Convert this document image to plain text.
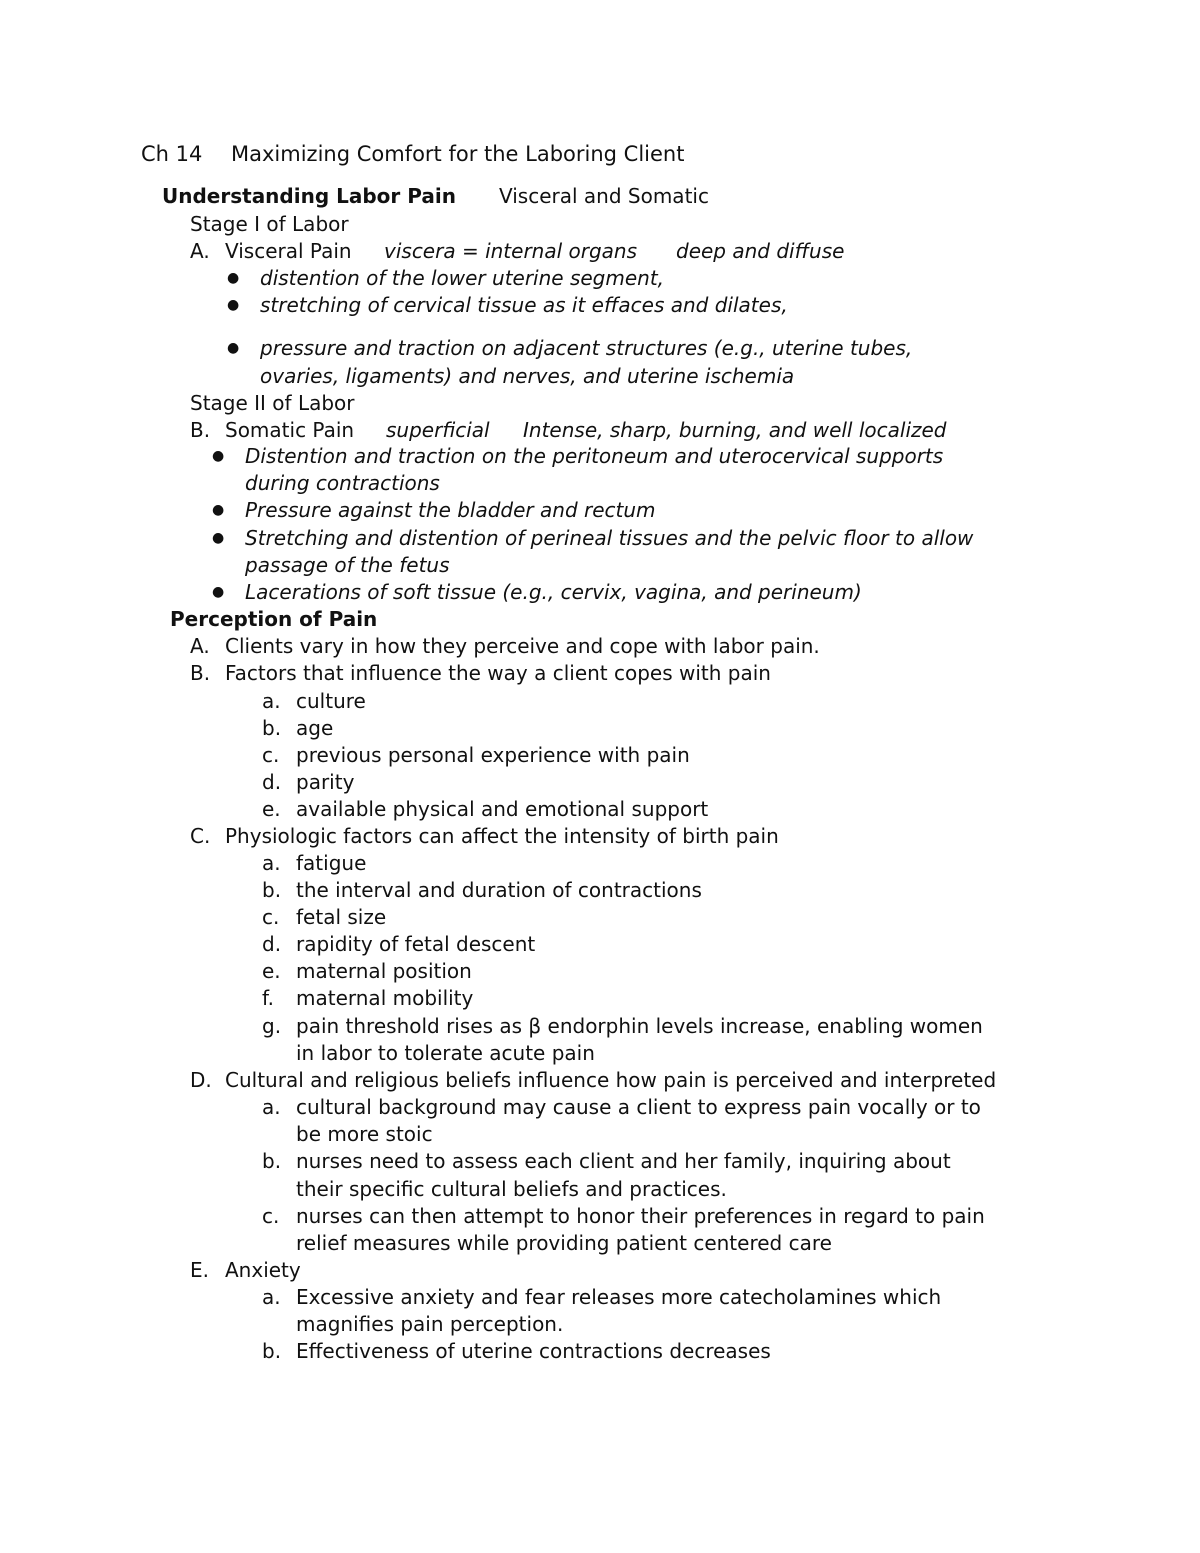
Ch 14 Maximizing Comfort for the Laboring Client
Understanding Labor Pain Visceral and Somatic
Stage I of Labor
A. Visceral Pain viscera = internal organs deep and diffuse
● distention of the lower uterine segment,
● stretching of cervical tissue as it effaces and dilates,
● pressure and traction on adjacent structures (e.g., uterine tubes,
ovaries, ligaments) and nerves, and uterine ischemia
Stage II of Labor
B. Somatic Pain superficial Intense, sharp, burning, and well localized
● Distention and traction on the peritoneum and uterocervical supports
during contractions
● Pressure against the bladder and rectum
● Stretching and distention of perineal tissues and the pelvic floor to allow
passage of the fetus
● Lacerations of soft tissue (e.g., cervix, vagina, and perineum)
Perception of Pain
A. Clients vary in how they perceive and cope with labor pain.
B. Factors that influence the way a client copes with pain
a. culture
b. age
c. previous personal experience with pain
d. parity
e. available physical and emotional support
C. Physiologic factors can affect the intensity of birth pain
a. fatigue
b. the interval and duration of contractions
c. fetal size
d. rapidity of fetal descent
e. maternal position
f. maternal mobility
g. pain threshold rises as β endorphin levels increase, enabling women
in labor to tolerate acute pain
D. Cultural and religious beliefs influence how pain is perceived and interpreted
a. cultural background may cause a client to express pain vocally or to
be more stoic
b. nurses need to assess each client and her family, inquiring about
their specific cultural beliefs and practices.
c. nurses can then attempt to honor their preferences in regard to pain
relief measures while providing patient centered care
E. Anxiety
a. Excessive anxiety and fear releases more catecholamines which
magnifies pain perception.
b. Effectiveness of uterine contractions decreases
